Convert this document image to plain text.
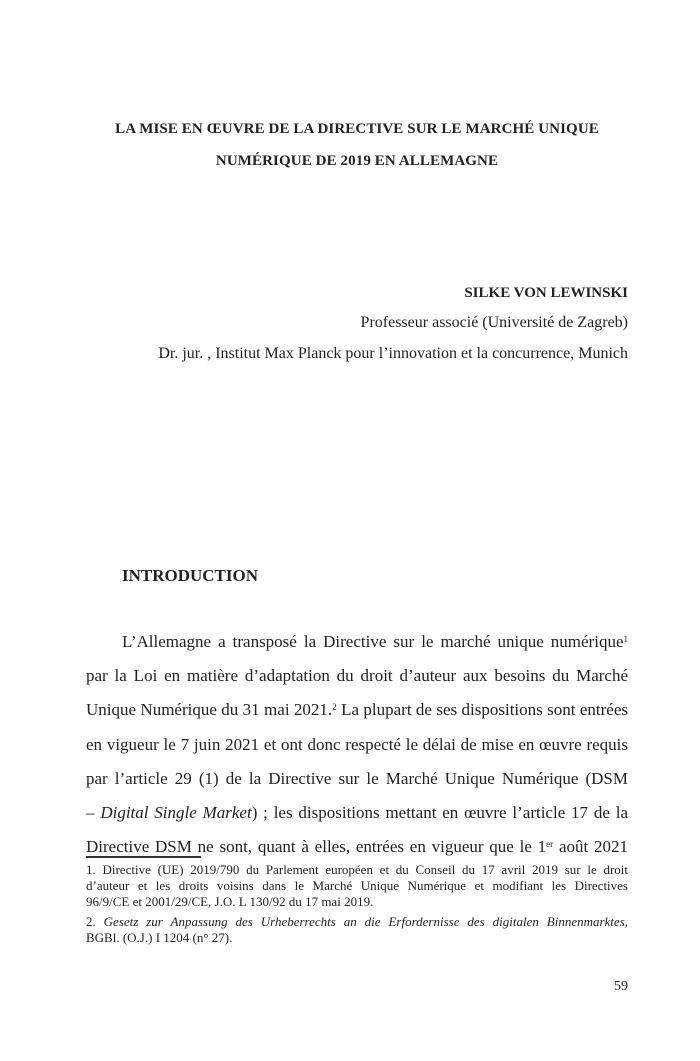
LA MISE EN ŒUVRE DE LA DIRECTIVE SUR LE MARCHÉ UNIQUE
NUMÉRIQUE DE 2019 EN ALLEMAGNE
SILKE VON LEWINSKI
Professeur associé (Université de Zagreb)
Dr. jur. , Institut Max Planck pour l’innovation et la concurrence, Munich
INTRODUCTION
L’Allemagne a transposé la Directive sur le marché unique numérique$^1$
par la Loi en matière d’adaptation du droit d’auteur aux besoins du Marché
Unique Numérique du 31 mai 2021.$^2$ La plupart de ses dispositions sont entrées
en vigueur le 7 juin 2021 et ont donc respecté le délai de mise en œuvre requis
par l’article 29 (1) de la Directive sur le Marché Unique Numérique (DSM
– Digital Single Market) ; les dispositions mettant en œuvre l’article 17 de la
Directive DSM ne sont, quant à elles, entrées en vigueur que le 1er août 2021
1. Directive (UE) 2019/790 du Parlement européen et du Conseil du 17 avril 2019 sur le droit
d’auteur et les droits voisins dans le Marché Unique Numérique et modifiant les Directives
96/9/CE et 2001/29/CE, J.O. L 130/92 du 17 mai 2019.
2. Gesetz zur Anpassung des Urheberrechts an die Erfordernisse des digitalen Binnenmarktes,
BGBl. (O.J.) I 1204 (n° 27).
59
